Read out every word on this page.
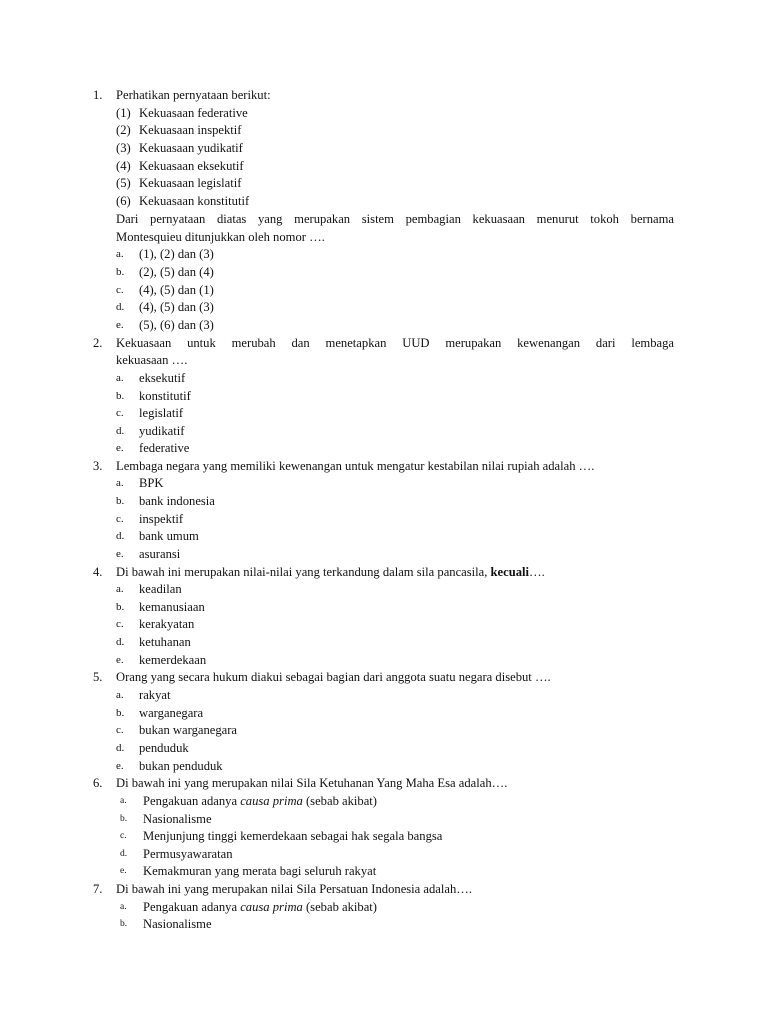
1. Perhatikan pernyataan berikut:
(1) Kekuasaan federative
(2) Kekuasaan inspektif
(3) Kekuasaan yudikatif
(4) Kekuasaan eksekutif
(5) Kekuasaan legislatif
(6) Kekuasaan konstitutif
Dari pernyataan diatas yang merupakan sistem pembagian kekuasaan menurut tokoh bernama
Montesquieu ditunjukkan oleh nomor ….
a. (1), (2) dan (3)
b. (2), (5) dan (4)
c. (4), (5) dan (1)
d. (4), (5) dan (3)
e. (5), (6) dan (3)
2. Kekuasaan untuk merubah dan menetapkan UUD merupakan kewenangan dari lembaga
kekuasaan ….
a. eksekutif
b. konstitutif
c. legislatif
d. yudikatif
e. federative
3. Lembaga negara yang memiliki kewenangan untuk mengatur kestabilan nilai rupiah adalah ….
a. BPK
b. bank indonesia
c. inspektif
d. bank umum
e. asuransi
4. Di bawah ini merupakan nilai-nilai yang terkandung dalam sila pancasila, kecuali….
a. keadilan
b. kemanusiaan
c. kerakyatan
d. ketuhanan
e. kemerdekaan
5. Orang yang secara hukum diakui sebagai bagian dari anggota suatu negara disebut ….
a. rakyat
b. warganegara
c. bukan warganegara
d. penduduk
e. bukan penduduk
6. Di bawah ini yang merupakan nilai Sila Ketuhanan Yang Maha Esa adalah….
a. Pengakuan adanya causa prima (sebab akibat)
b. Nasionalisme
c. Menjunjung tinggi kemerdekaan sebagai hak segala bangsa
d. Permusyawaratan
e. Kemakmuran yang merata bagi seluruh rakyat
7. Di bawah ini yang merupakan nilai Sila Persatuan Indonesia adalah….
a. Pengakuan adanya causa prima (sebab akibat)
b. Nasionalisme
